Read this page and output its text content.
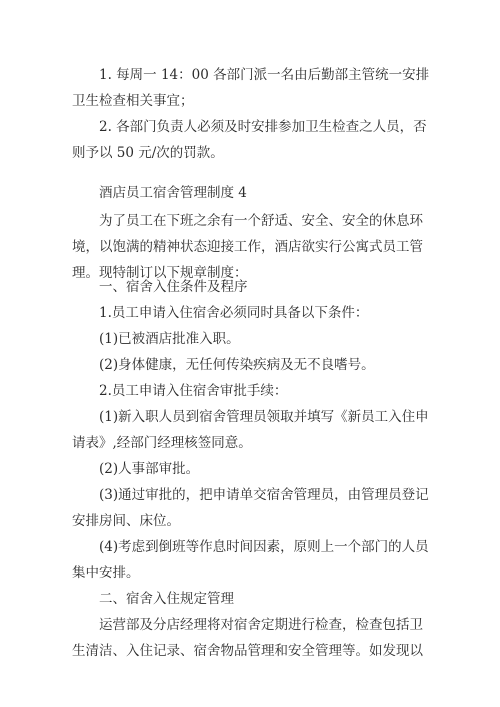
1. 每周一 14：00 各部门派一名由后勤部主管统一安排卫生检查相关事宜；

2. 各部门负责人必须及时安排参加卫生检查之人员，否则予以 50 元/次的罚款。

酒店员工宿舍管理制度 4

为了员工在下班之余有一个舒适、安全、安全的休息环境，以饱满的精神状态迎接工作，酒店欲实行公寓式员工管理。现特制订以下规章制度：

一、宿舍入住条件及程序

1.员工申请入住宿舍必须同时具备以下条件：

(1)已被酒店批准入职。

(2)身体健康，无任何传染疾病及无不良嗜号。

2.员工申请入住宿舍审批手续：

(1)新入职人员到宿舍管理员领取并填写《新员工入住申请表》,经部门经理核签同意。

(2)人事部审批。

(3)通过审批的，把申请单交宿舍管理员，由管理员登记安排房间、床位。

(4)考虑到倒班等作息时间因素，原则上一个部门的人员集中安排。

二、宿舍入住规定管理

运营部及分店经理将对宿舍定期进行检查，检查包括卫生清洁、入住记录、宿舍物品管理和安全管理等。如发现以
